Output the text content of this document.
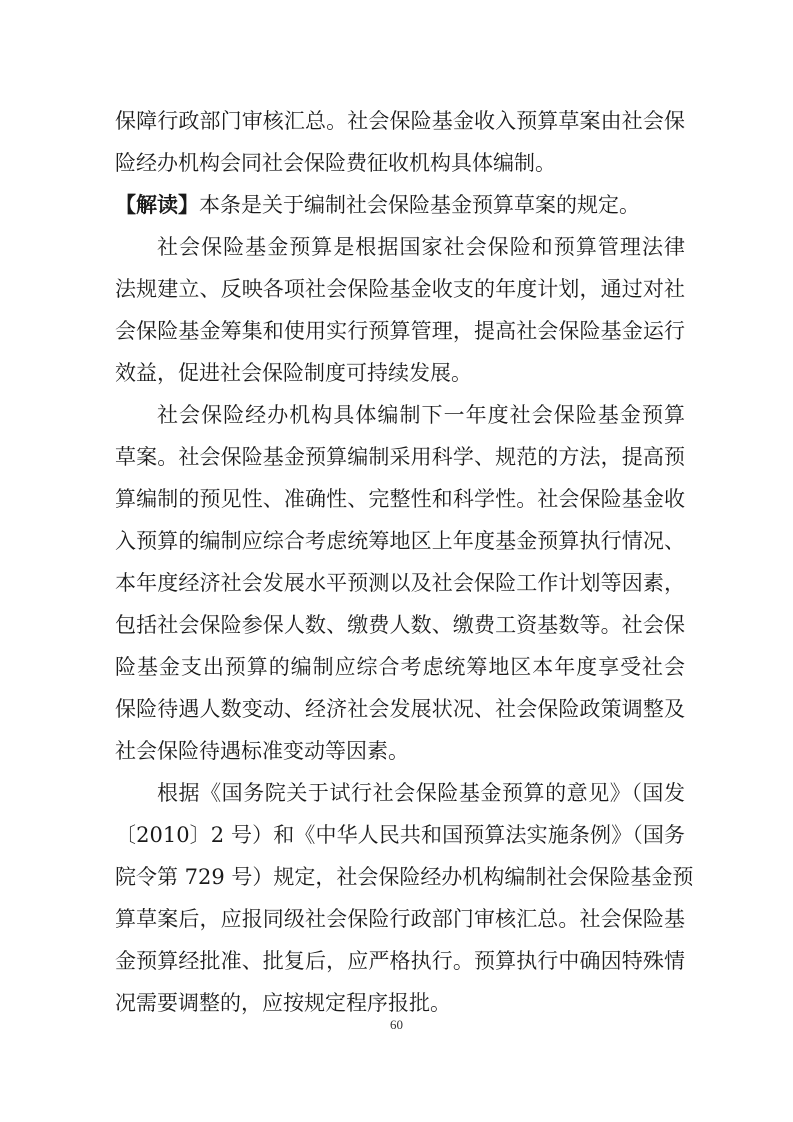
保障行政部门审核汇总。社会保险基金收入预算草案由社会保
险经办机构会同社会保险费征收机构具体编制。
【解读】本条是关于编制社会保险基金预算草案的规定。
社会保险基金预算是根据国家社会保险和预算管理法律
法规建立、反映各项社会保险基金收支的年度计划，通过对社
会保险基金筹集和使用实行预算管理，提高社会保险基金运行
效益，促进社会保险制度可持续发展。
社会保险经办机构具体编制下一年度社会保险基金预算
草案。社会保险基金预算编制采用科学、规范的方法，提高预
算编制的预见性、准确性、完整性和科学性。社会保险基金收
入预算的编制应综合考虑统筹地区上年度基金预算执行情况、
本年度经济社会发展水平预测以及社会保险工作计划等因素，
包括社会保险参保人数、缴费人数、缴费工资基数等。社会保
险基金支出预算的编制应综合考虑统筹地区本年度享受社会
保险待遇人数变动、经济社会发展状况、社会保险政策调整及
社会保险待遇标准变动等因素。
根据《国务院关于试行社会保险基金预算的意见》（国发
〔2010〕2 号）和《中华人民共和国预算法实施条例》（国务
院令第 729 号）规定，社会保险经办机构编制社会保险基金预
算草案后，应报同级社会保险行政部门审核汇总。社会保险基
金预算经批准、批复后，应严格执行。预算执行中确因特殊情
况需要调整的，应按规定程序报批。
60
